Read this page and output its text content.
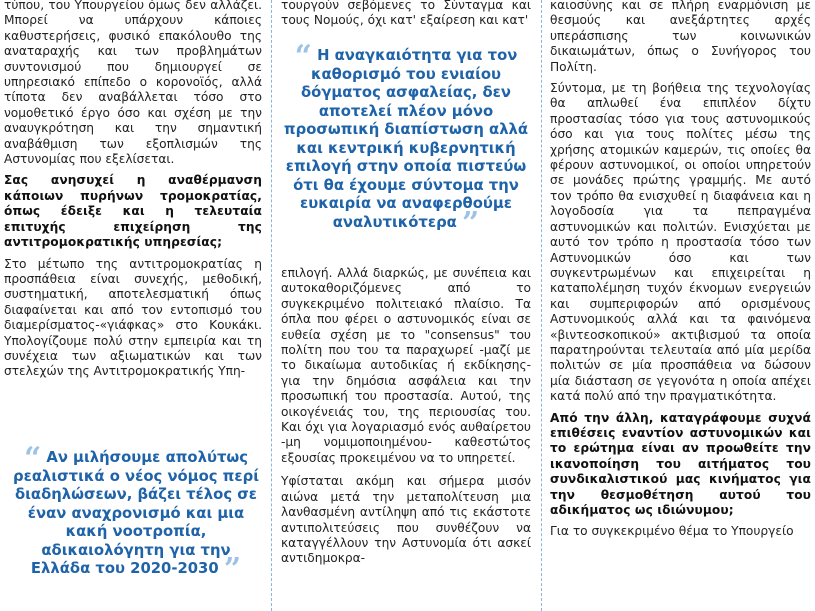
τύπου, του Υπουργείου όμως δεν αλλάζει. Μπορεί να υπάρχουν κάποιες καθυστερήσεις, φυσικό επακόλουθο της αναταραχής και των προβλημάτων συντονισμού που δημιουργεί σε υπηρεσιακό επίπεδο ο κορονοϊός, αλλά τίποτα δεν αναβάλλεται τόσο στο νομοθετικό έργο όσο και σχέση με την αναυγκρότηση και την σημαντική αναβάθμιση των εξοπλισμών της Αστυνομίας που εξελίσεται.

Σας ανησυχεί η αναθέρμανση κάποιων πυρήνων τρομοκρατίας, όπως έδειξε και η τελευταία επιτυχής επιχείρηση της αντιτρομοκρατικής υπηρεσίας;

Στο μέτωπο της αντιτρομοκρατίας η προσπάθεια είναι συνεχής, μεθοδική, συστηματική, αποτελεσματική όπως διαφαίνεται και από τον εντοπισμό του διαμερίσματος-«γιάφκας» στο Κουκάκι. Υπολογίζουμε πολύ στην εμπειρία και τη συνέχεια των αξιωματικών και των στελεχών της Αντιτρομοκρατικής Υπη-

“ Αν μιλήσουμε απολύτως ρεαλιστικά ο νέος νόμος περί διαδηλώσεων, βάζει τέλος σε έναν αναχρονισμό και μια κακή νοοτροπία, αδικαιολόγητη για την Ελλάδα του 2020-2030 ”

τουργούν σεβόμενες το Σύνταγμα και τους Νομούς, όχι κατ' εξαίρεση και κατ'

“ Η αναγκαιότητα για τον καθορισμό του ενιαίου δόγματος ασφαλείας, δεν αποτελεί πλέον μόνο προσωπική διαπίστωση αλλά και κεντρική κυβερνητική επιλογή στην οποία πιστεύω ότι θα έχουμε σύντομα την ευκαιρία να αναφερθούμε αναλυτικότερα ”

επιλογή. Αλλά διαρκώς, με συνέπεια και αυτοκαθοριζόμενες από το συγκεκριμένο πολιτειακό πλαίσιο. Τα όπλα που φέρει ο αστυνομικός είναι σε ευθεία σχέση με το "consensus" του πολίτη που του τα παραχωρεί -μαζί με το δικαίωμα αυτοδικίας ή εκδίκησης- για την δημόσια ασφάλεια και την προσωπική του προστασία. Αυτού, της οικογένειάς του, της περιουσίας του. Και όχι για λογαριασμό ενός αυθαίρετου -μη νομιμοποιημένου- καθεστώτος εξουσίας προκειμένου να το υπηρετεί.

Υφίσταται ακόμη και σήμερα μισόν αιώνα μετά την μεταπολίτευση μια λανθασμένη αντίληψη από τις εκάστοτε αντιπολιτεύσεις που συνθέζουν να καταγγέλλουν την Αστυνομία ότι ασκεί αντιδημοκρα-

καιοσύνης και σε πλήρη εναρμόνιση με θεσμούς και ανεξάρτητες αρχές υπεράσπισης των κοινωνικών δικαιωμάτων, όπως ο Συνήγορος του Πολίτη.

Σύντομα, με τη βοήθεια της τεχνολογίας θα απλωθεί ένα επιπλέον δίχτυ προστασίας τόσο για τους αστυνομικούς όσο και για τους πολίτες μέσω της χρήσης ατομικών καμερών, τις οποίες θα φέρουν αστυνομικοί, οι οποίοι υπηρετούν σε μονάδες πρώτης γραμμής. Με αυτό τον τρόπο θα ενισχυθεί η διαφάνεια και η λογοδοσία για τα πεπραγμένα αστυνομικών και πολιτών. Ενισχύεται με αυτό τον τρόπο η προστασία τόσο των Αστυνομικών όσο και των συγκεντρωμένων και επιχειρείται η καταπολέμηση τυχόν έκνομων ενεργειών και συμπεριφορών από ορισμένους Αστυνομικούς αλλά και τα φαινόμενα «βιντεοσκοπικού» ακτιβισμού τα οποία παρατηρούνται τελευταία από μία μερίδα πολιτών σε μία προσπάθεια να δώσουν μία διάσταση σε γεγονότα η οποία απέχει κατά πολύ από την πραγματικότητα.

Από την άλλη, καταγράφουμε συχνά επιθέσεις εναντίον αστυνομικών και το ερώτημα είναι αν προωθείτε την ικανοποίηση του αιτήματος του συνδικαλιστικού μας κινήματος για την θεσμοθέτηση αυτού του αδικήματος ως ιδιώνυμου;

Για το συγκεκριμένο θέμα το Υπουργείο
